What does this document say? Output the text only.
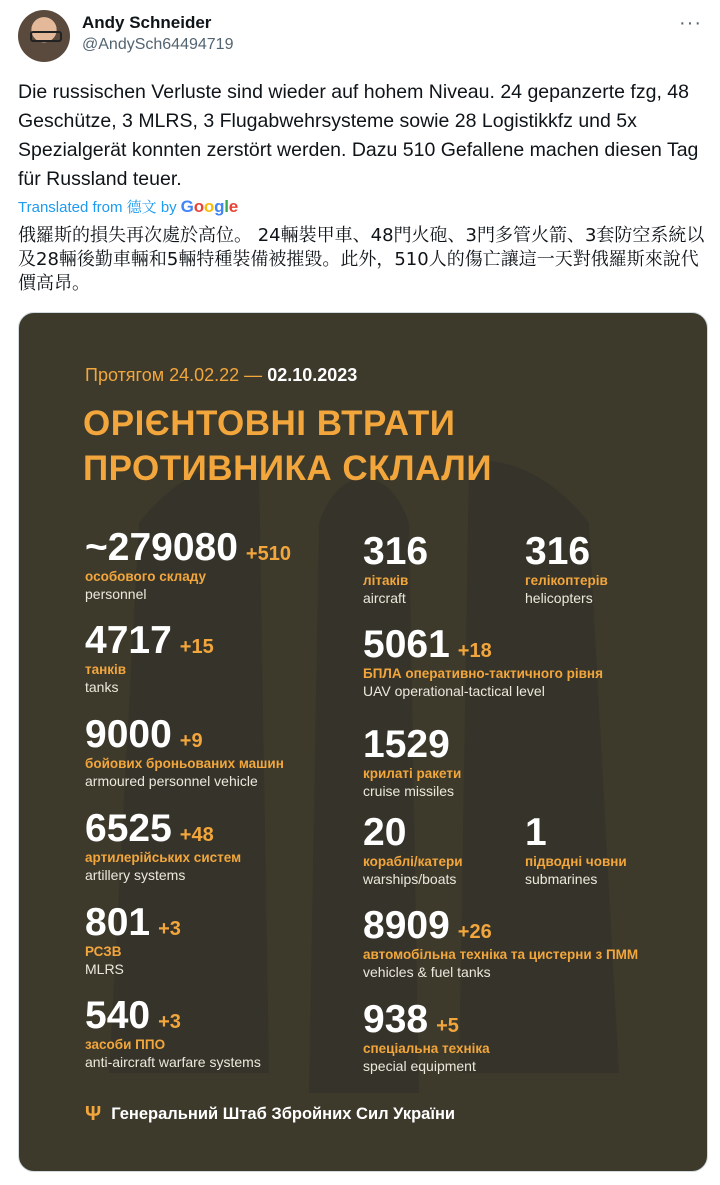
Andy Schneider
@AndySch64494719
···
Die russischen Verluste sind wieder auf hohem Niveau. 24 gepanzerte fzg, 48 Geschütze, 3 MLRS, 3 Flugabwehrsysteme sowie 28 Logistikkfz und 5x Spezialgerät konnten zerstört werden. Dazu 510 Gefallene machen diesen Tag für Russland teuer.
Translated from 德文 by Google
俄羅斯的損失再次處於高位。 24輛裝甲車、48門火砲、3門多管火箭、3套防空系統以及28輛後勤車輛和5輛特種裝備被摧毀。此外，510人的傷亡讓這一天對俄羅斯來說代價高昂。
Протягом 24.02.22 — 02.10.2023
ОРІЄНТОВНІ ВТРАТИ
ПРОТИВНИКА СКЛАЛИ
~279080 +510
особового складу
personnel
4717 +15
танків
tanks
9000 +9
бойових броньованих машин
armoured personnel vehicle
6525 +48
артилерійських систем
artillery systems
801 +3
РСЗВ
MLRS
540 +3
засоби ППО
anti-aircraft warfare systems
316
літаків
aircraft
316
гелікоптерів
helicopters
5061 +18
БПЛА оперативно-тактичного рівня
UAV operational-tactical level
1529
крилаті ракети
cruise missiles
20
кораблі/катери
warships/boats
1
підводні човни
submarines
8909 +26
автомобільна техніка та цистерни з ПММ
vehicles & fuel tanks
938 +5
спеціальна техніка
special equipment
Ψ Генеральний Штаб Збройних Сил України
